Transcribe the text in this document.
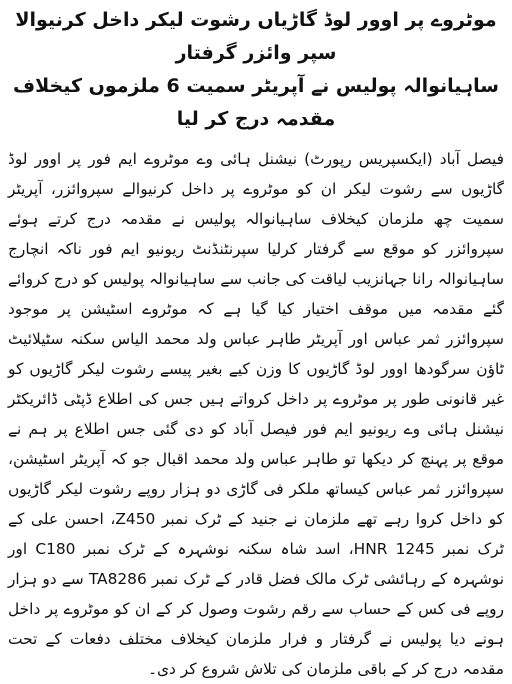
موٹروے پر اوور لوڈ گاڑیاں رشوت لیکر داخل کرنیوالا سپر وائزر گرفتار
ساہیانوالہ پولیس نے آپریٹر سمیت 6 ملزموں کیخلاف مقدمہ درج کر لیا

فیصل آباد (ایکسپریس رپورٹ) نیشنل ہائی وے موٹروے ایم فور پر اوور لوڈ گاڑیوں سے رشوت لیکر ان کو موٹروے پر داخل کرنیوالے سپروائزر، آپریٹر سمیت چھ ملزمان کیخلاف ساہیانوالہ پولیس نے مقدمہ درج کرتے ہوئے سپروائزر کو موقع سے گرفتار کرلیا سپرنٹنڈنٹ ریونیو ایم فور ناکہ انچارج ساہیانوالہ رانا جہانزیب لیاقت کی جانب سے ساہیانوالہ پولیس کو درج کروائے گئے مقدمہ میں موقف اختیار کیا گیا ہے کہ موٹروے اسٹیشن پر موجود سپروائزر ثمر عباس اور آپریٹر طاہر عباس ولد محمد الیاس سکنہ سٹیلائیٹ ٹاؤن سرگودھا اوور لوڈ گاڑیوں کا وزن کیے بغیر پیسے رشوت لیکر گاڑیوں کو غیر قانونی طور پر موٹروے پر داخل کرواتے ہیں جس کی اطلاع ڈپٹی ڈائریکٹر نیشنل ہائی وے ریونیو ایم فور فیصل آباد کو دی گئی جس اطلاع پر ہم نے موقع پر پہنچ کر دیکھا تو طاہر عباس ولد محمد اقبال جو کہ آپریٹر اسٹیشن، سپروائزر ثمر عباس کیساتھ ملکر فی گاڑی دو ہزار روپے رشوت لیکر گاڑیوں کو داخل کروا رہے تھے ملزمان نے جنید کے ٹرک نمبر Z450، احسن علی کے ٹرک نمبر HNR 1245، اسد شاہ سکنہ نوشہرہ کے ٹرک نمبر C180 اور نوشہرہ کے رہائشی ٹرک مالک فضل قادر کے ٹرک نمبر TA8286 سے دو ہزار روپے فی کس کے حساب سے رقم رشوت وصول کر کے ان کو موٹروے پر داخل ہونے دیا پولیس نے گرفتار و فرار ملزمان کیخلاف مختلف دفعات کے تحت مقدمہ درج کر کے باقی ملزمان کی تلاش شروع کر دی۔
